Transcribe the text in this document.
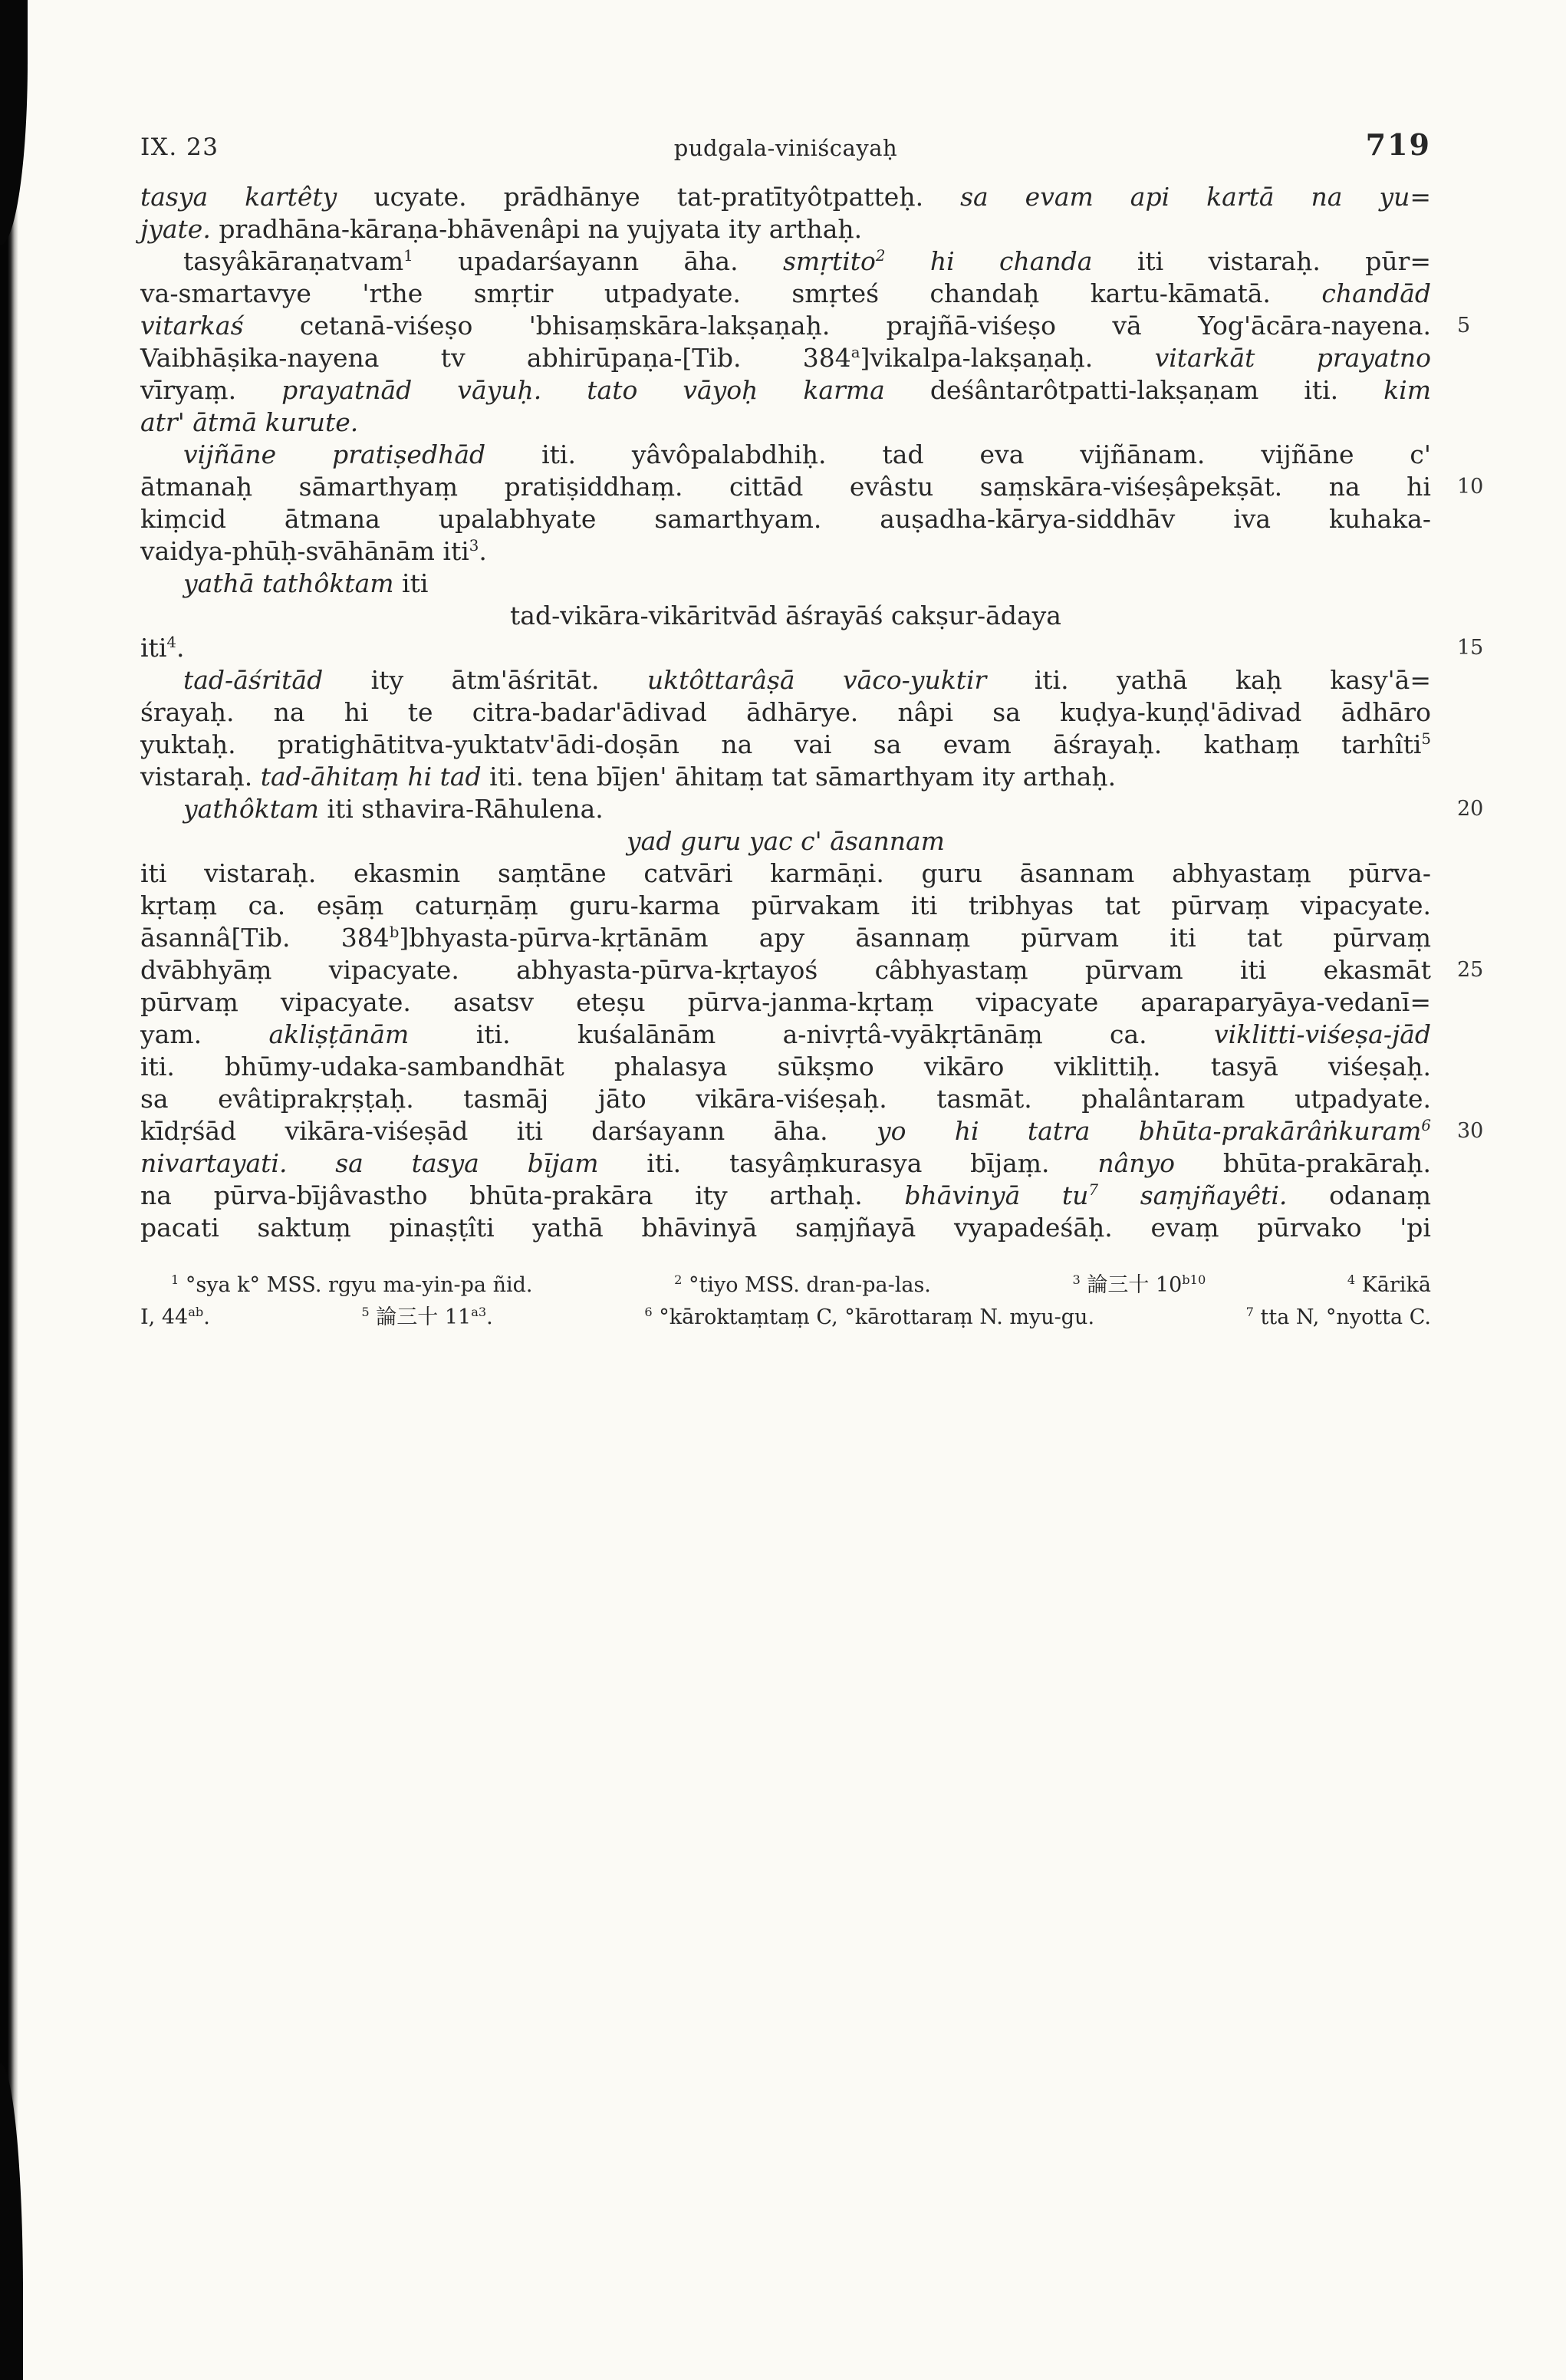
IX. 23	pudgala-viniścayaḥ	719
tasya kartêty ucyate. prādhānye tat-pratītyôtpatteḥ. sa evam api kartā na yu=
jyate. pradhāna-kāraṇa-bhāvenâpi na yujyata ity arthaḥ.
tasyâkāraṇatvam$^1$ upadarśayann āha. smṛtito$^2$ hi chanda iti vistaraḥ. pūr=
va-smartavye 'rthe smṛtir utpadyate. smṛteś chandaḥ kartu-kāmatā. chandād
vitarkaś cetanā-viśeṣo 'bhisaṃskāra-lakṣaṇaḥ. prajñā-viśeṣo vā Yog'ācāra-nayena.
Vaibhāṣika-nayena tv abhirūpaṇa-[Tib. 384$^a$]vikalpa-lakṣaṇaḥ. vitarkāt prayatno
vīryaṃ. prayatnād vāyuḥ. tato vāyoḥ karma deśântarôtpatti-lakṣaṇam iti. kim
atr' ātmā kurute.
vijñāne pratiṣedhād iti. yâvôpalabdhiḥ. tad eva vijñānam. vijñāne c'
ātmanaḥ sāmarthyaṃ pratiṣiddhaṃ. cittād evâstu saṃskāra-viśeṣâpekṣāt. na hi
kiṃcid ātmana upalabhyate samarthyam. auṣadha-kārya-siddhāv iva kuhaka-
vaidya-phūḥ-svāhānām iti$^3$.
yathā tathôktam iti
tad-vikāra-vikāritvād āśrayāś cakṣur-ādaya
iti$^4$.
tad-āśritād ity ātm'āśritāt. uktôttarâṣā vāco-yuktir iti. yathā kaḥ kasy'ā=
śrayaḥ. na hi te citra-badar'ādivad ādhārye. nâpi sa kuḍya-kuṇḍ'ādivad ādhāro
yuktaḥ. pratighātitva-yuktatv'ādi-doṣān na vai sa evam āśrayaḥ. kathaṃ tarhîti$^5$
vistaraḥ. tad-āhitaṃ hi tad iti. tena bījen' āhitaṃ tat sāmarthyam ity arthaḥ.
yathôktam iti sthavira-Rāhulena.
yad guru yac c' āsannam
iti vistaraḥ. ekasmin saṃtāne catvāri karmāṇi. guru āsannam abhyastaṃ pūrva-
kṛtaṃ ca. eṣāṃ caturṇāṃ guru-karma pūrvakam iti tribhyas tat pūrvaṃ vipacyate.
āsannâ[Tib. 384$^b$]bhyasta-pūrva-kṛtānām apy āsannaṃ pūrvam iti tat pūrvaṃ
dvābhyāṃ vipacyate. abhyasta-pūrva-kṛtayoś câbhyastaṃ pūrvam iti ekasmāt
pūrvaṃ vipacyate. asatsv eteṣu pūrva-janma-kṛtaṃ vipacyate aparaparyāya-vedanī=
yam. akliṣṭānām iti. kuśalānām a-nivṛtâ-vyākṛtānāṃ ca. viklitti-viśeṣa-jād
iti. bhūmy-udaka-sambandhāt phalasya sūkṣmo vikāro viklittiḥ. tasyā viśeṣaḥ.
sa evâtiprakṛṣṭaḥ. tasmāj jāto vikāra-viśeṣaḥ. tasmāt. phalântaram utpadyate.
kīdṛśād vikāra-viśeṣād iti darśayann āha. yo hi tatra bhūta-prakārâṅkuram$^6$
nivartayati. sa tasya bījam iti. tasyâṃkurasya bījaṃ. nânyo bhūta-prakāraḥ.
na pūrva-bījâvastho bhūta-prakāra ity arthaḥ. bhāvinyā $tu^7$ saṃjñayêti. odanaṃ
pacati saktuṃ pinaṣṭîti yathā bhāvinyā saṃjñayā vyapadeśāḥ. evaṃ pūrvako 'pi
5
10
15
20
25
30
$^1$ °sya k° MSS. rgyu ma-yin-pa ñid.	$^2$ °tiyo MSS. dran-pa-las.	$^3$ 論三十 $10^{b10}$	$^4$ Kārikā
I, $44^{ab}$.	$^5$ 論三十 $11^{a3}$.	$^6$ °kāroktaṃtaṃ C, °kārottaraṃ N. myu-gu.	$^7$ tta N, °nyotta C.
